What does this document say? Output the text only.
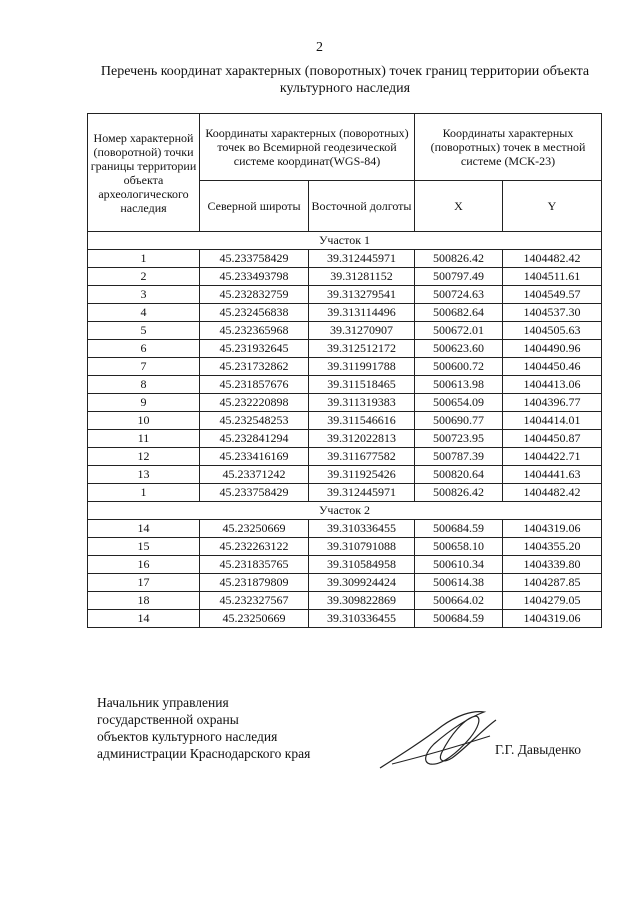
2
Перечень координат характерных (поворотных) точек границ территории объекта культурного наследия
Номер характерной (поворотной) точки границы территории объекта археологического наследия	Координаты характерных (поворотных) точек во Всемирной геодезической системе координат(WGS-84)		Координаты характерных (поворотных) точек в местной системе (МСК-23)	
	Северной широты	Восточной долготы	X	Y
Участок 1				
1	45.233758429	39.312445971	500826.42	1404482.42
2	45.233493798	39.31281152	500797.49	1404511.61
3	45.232832759	39.313279541	500724.63	1404549.57
4	45.232456838	39.313114496	500682.64	1404537.30
5	45.232365968	39.31270907	500672.01	1404505.63
6	45.231932645	39.312512172	500623.60	1404490.96
7	45.231732862	39.311991788	500600.72	1404450.46
8	45.231857676	39.311518465	500613.98	1404413.06
9	45.232220898	39.311319383	500654.09	1404396.77
10	45.232548253	39.311546616	500690.77	1404414.01
11	45.232841294	39.312022813	500723.95	1404450.87
12	45.233416169	39.311677582	500787.39	1404422.71
13	45.23371242	39.311925426	500820.64	1404441.63
1	45.233758429	39.312445971	500826.42	1404482.42
Участок 2				
14	45.23250669	39.310336455	500684.59	1404319.06
15	45.232263122	39.310791088	500658.10	1404355.20
16	45.231835765	39.310584958	500610.34	1404339.80
17	45.231879809	39.309924424	500614.38	1404287.85
18	45.232327567	39.309822869	500664.02	1404279.05
14	45.23250669	39.310336455	500684.59	1404319.06
Начальник управления
государственной охраны
объектов культурного наследия
администрации Краснодарского края	Г.Г. Давыденко
